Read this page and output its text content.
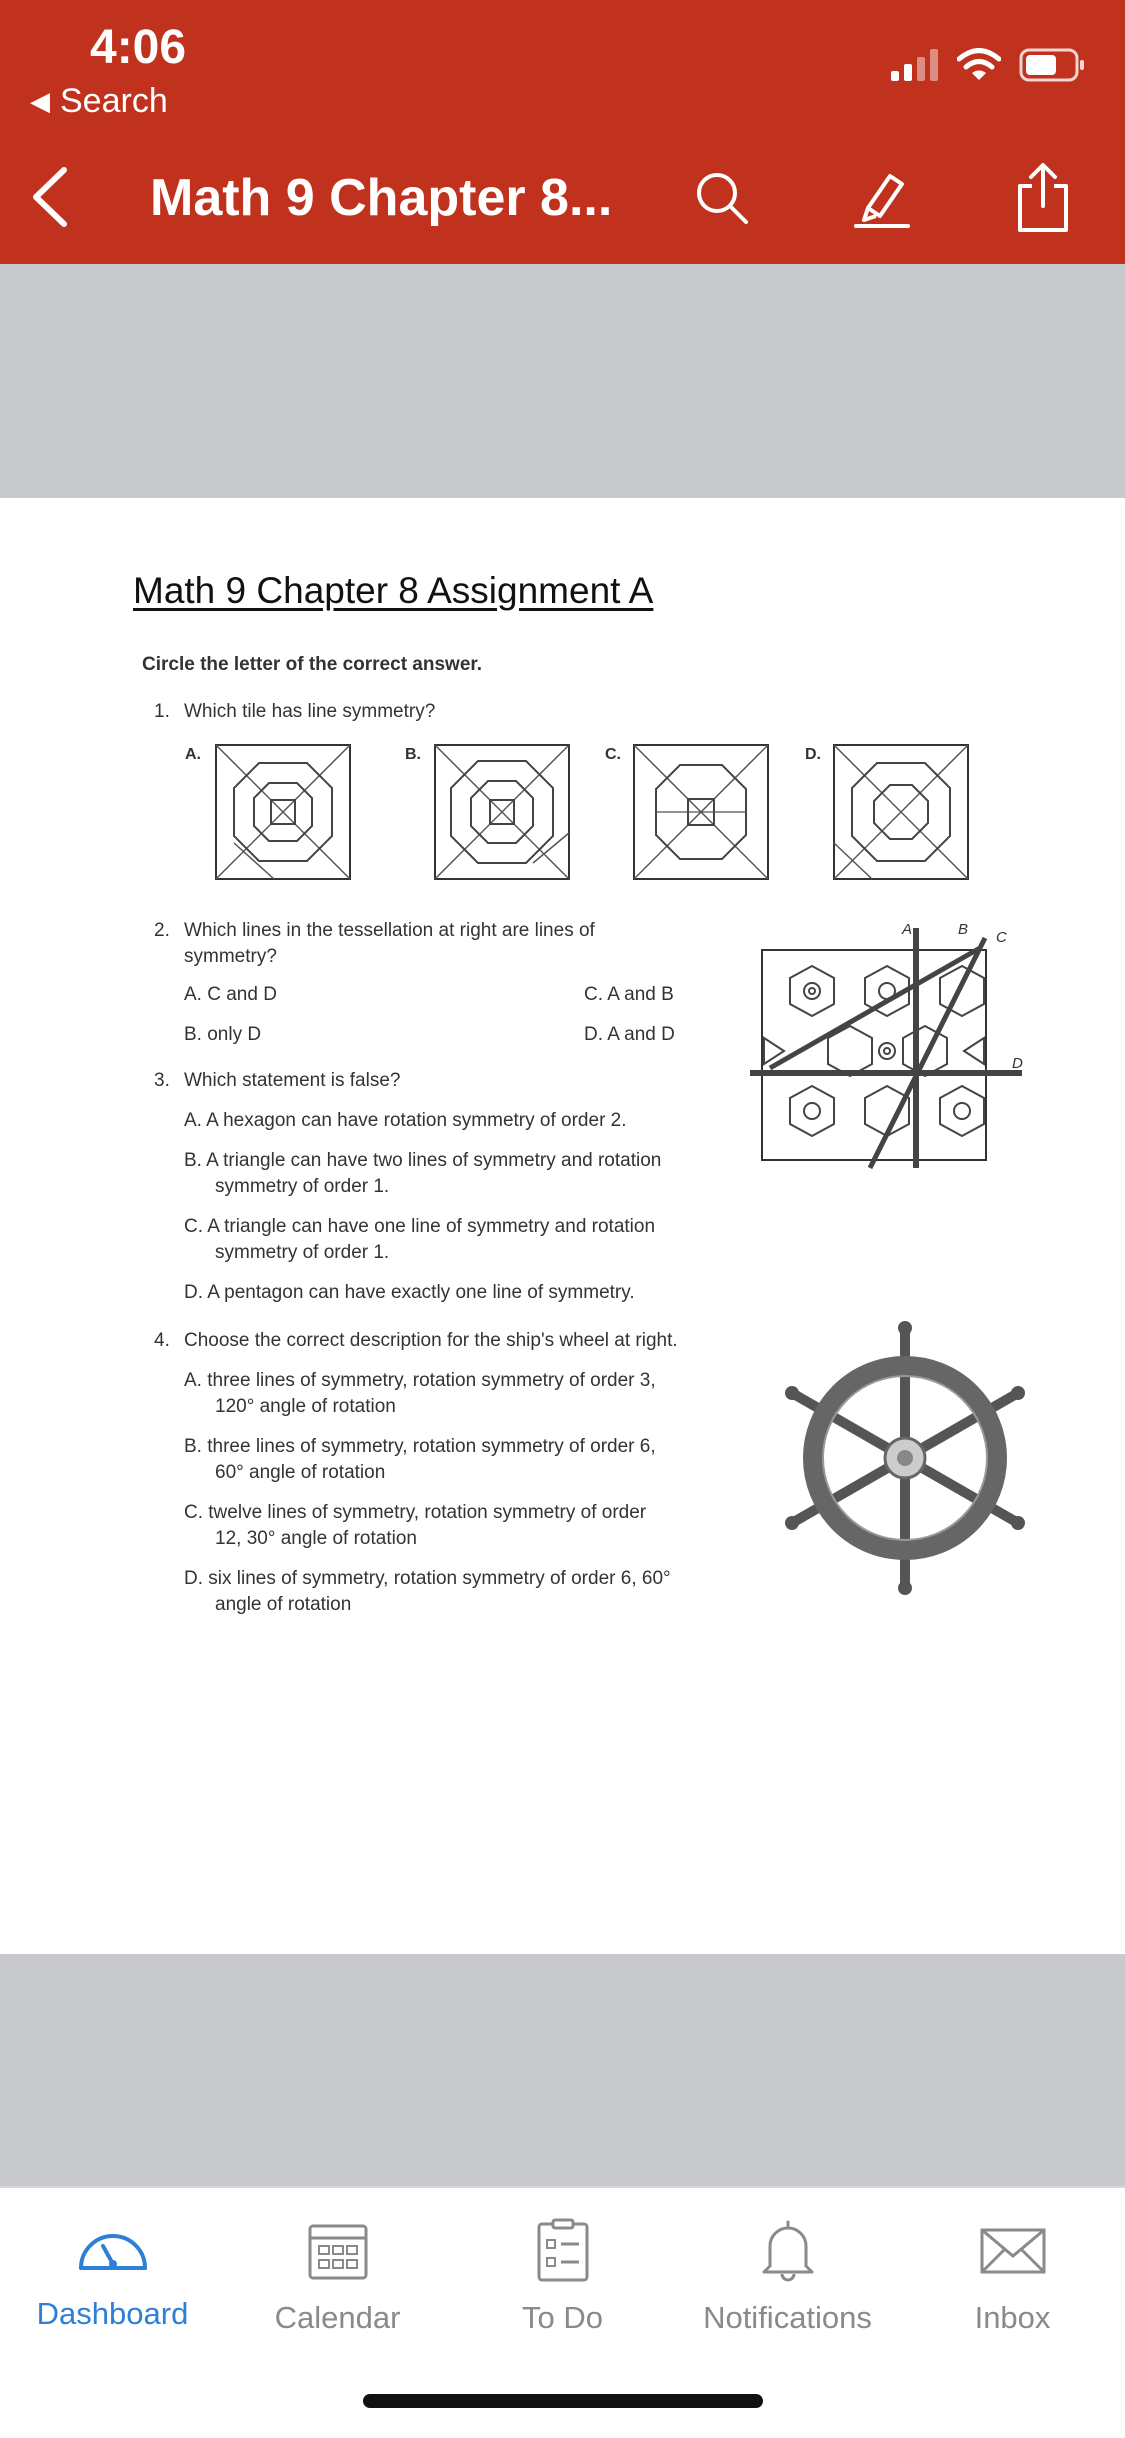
4:06
◀ Search
Math 9 Chapter 8...
Math 9 Chapter 8 Assignment A
Circle the letter of the correct answer.
1. Which tile has line symmetry?
A.	B.	C.	D.
2. Which lines in the tessellation at right are lines of
symmetry?
A. C and D	C. A and B
B. only D	D. A and D
A	B C
D
3. Which statement is false?
A. A hexagon can have rotation symmetry of order 2.
B. A triangle can have two lines of symmetry and rotation
symmetry of order 1.
C. A triangle can have one line of symmetry and rotation
symmetry of order 1.
D. A pentagon can have exactly one line of symmetry.
4. Choose the correct description for the ship's wheel at right.
A. three lines of symmetry, rotation symmetry of order 3,
120° angle of rotation
B. three lines of symmetry, rotation symmetry of order 6,
60° angle of rotation
C. twelve lines of symmetry, rotation symmetry of order
12, 30° angle of rotation
D. six lines of symmetry, rotation symmetry of order 6, 60°
angle of rotation
Dashboard	Calendar	To Do	Notifications	Inbox
